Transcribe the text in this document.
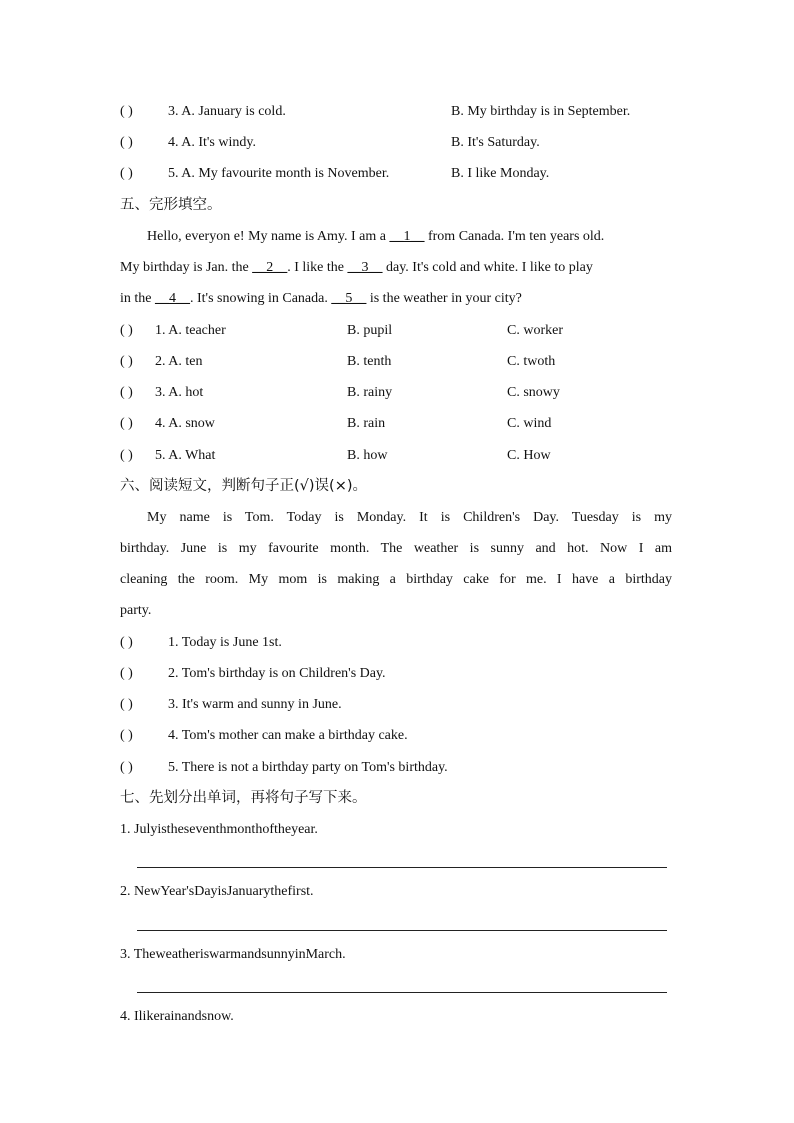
( )	3. A. January is cold.	B. My birthday is in September.
( )	4. A. It's windy.	B. It's Saturday.
( )	5. A. My favourite month is November.	B. I like Monday.
五、完形填空。
Hello, everyon e! My name is Amy. I am a __1__ from Canada. I'm ten years old.
My birthday is Jan. the __2__. I like the __3__ day. It's cold and white. I like to play
in the __4__. It's snowing in Canada. __5__ is the weather in your city?
( ) 1. A. teacher	B. pupil	C. worker
( ) 2. A. ten	B. tenth	C. twoth
( ) 3. A. hot	B. rainy	C. snowy
( ) 4. A. snow	B. rain	C. wind
( ) 5. A. What	B. how	C. How
六、阅读短文，判断句子正(√)误(×)。
My name is Tom. Today is Monday. It is Children's Day. Tuesday is my
birthday. June is my favourite month. The weather is sunny and hot. Now I am
cleaning the room. My mom is making a birthday cake for me. I have a birthday
party.
( )	1. Today is June 1st.
( )	2. Tom's birthday is on Children's Day.
( )	3. It's warm and sunny in June.
( )	4. Tom's mother can make a birthday cake.
( )	5. There is not a birthday party on Tom's birthday.
七、先划分出单词，再将句子写下来。
1. Julyistheseventhmonthoftheyear.
2. NewYear'sDayisJanuarythefirst.
3. TheweatheriswarmandsunnyinMarch.
4. Ilikerainandsnow.
